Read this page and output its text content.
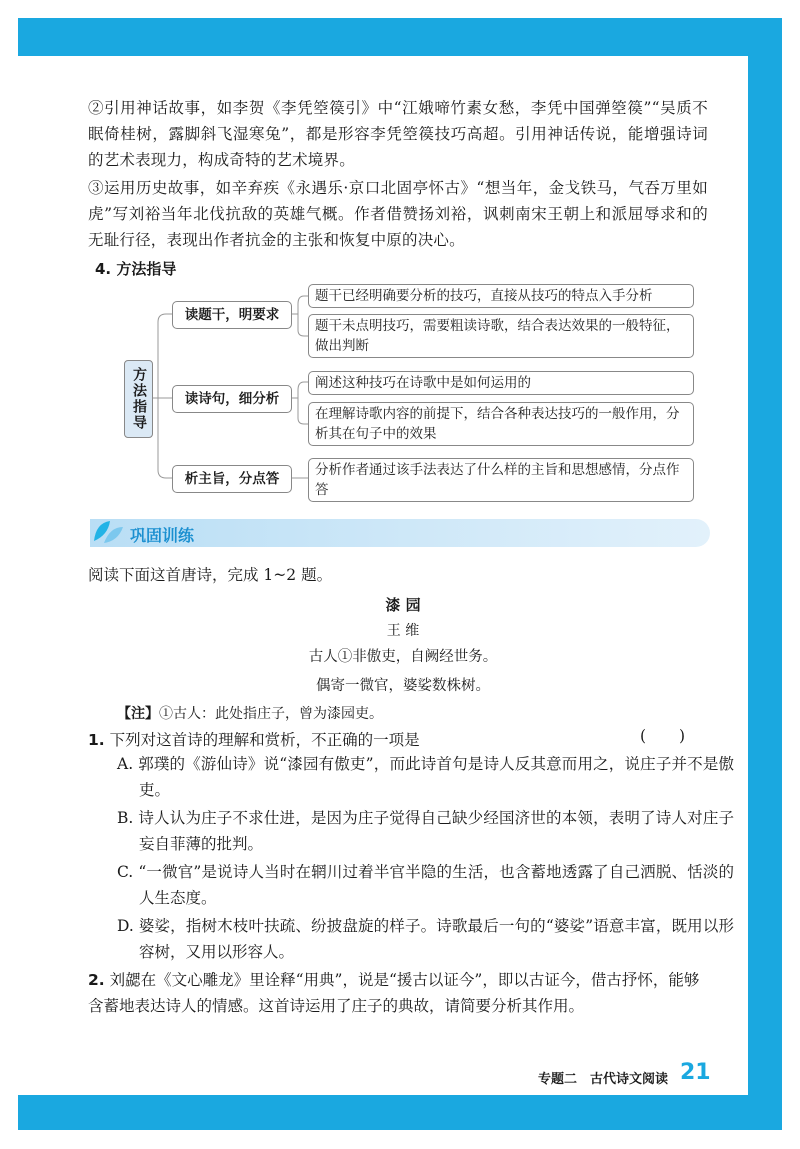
②引用神话故事，如李贺《李凭箜篌引》中“江娥啼竹素女愁，李凭中国弹箜篌”“吴质不眠倚桂树，露脚斜飞湿寒兔”，都是形容李凭箜篌技巧高超。引用神话传说，能增强诗词的艺术表现力，构成奇特的艺术境界。
③运用历史故事，如辛弃疾《永遇乐·京口北固亭怀古》“想当年，金戈铁马，气吞万里如虎”写刘裕当年北伐抗敌的英雄气概。作者借赞扬刘裕，讽刺南宋王朝上和派屈辱求和的无耻行径，表现出作者抗金的主张和恢复中原的决心。
4. 方法指导
方法指导
读题干，明要求
读诗句，细分析
析主旨，分点答
题干已经明确要分析的技巧，直接从技巧的特点入手分析
题干未点明技巧，需要粗读诗歌，结合表达效果的一般特征，做出判断
阐述这种技巧在诗歌中是如何运用的
在理解诗歌内容的前提下，结合各种表达技巧的一般作用，分析其在句子中的效果
分析作者通过该手法表达了什么样的主旨和思想感情，分点作答
巩固训练
阅读下面这首唐诗，完成 1~2 题。
漆 园
王 维
古人①非傲吏，自阙经世务。
偶寄一微官，婆娑数株树。
【注】①古人：此处指庄子，曾为漆园吏。
1. 下列对这首诗的理解和赏析，不正确的一项是	( )
A. 郭璞的《游仙诗》说“漆园有傲吏”，而此诗首句是诗人反其意而用之，说庄子并不是傲吏。
B. 诗人认为庄子不求仕进，是因为庄子觉得自己缺少经国济世的本领，表明了诗人对庄子妄自菲薄的批判。
C. “一微官”是说诗人当时在辋川过着半官半隐的生活，也含蓄地透露了自己洒脱、恬淡的人生态度。
D. 婆娑，指树木枝叶扶疏、纷披盘旋的样子。诗歌最后一句的“婆娑”语意丰富，既用以形容树，又用以形容人。
2. 刘勰在《文心雕龙》里诠释“用典”，说是“援古以证今”，即以古证今，借古抒怀，能够含蓄地表达诗人的情感。这首诗运用了庄子的典故，请简要分析其作用。
专题二　古代诗文阅读 21
